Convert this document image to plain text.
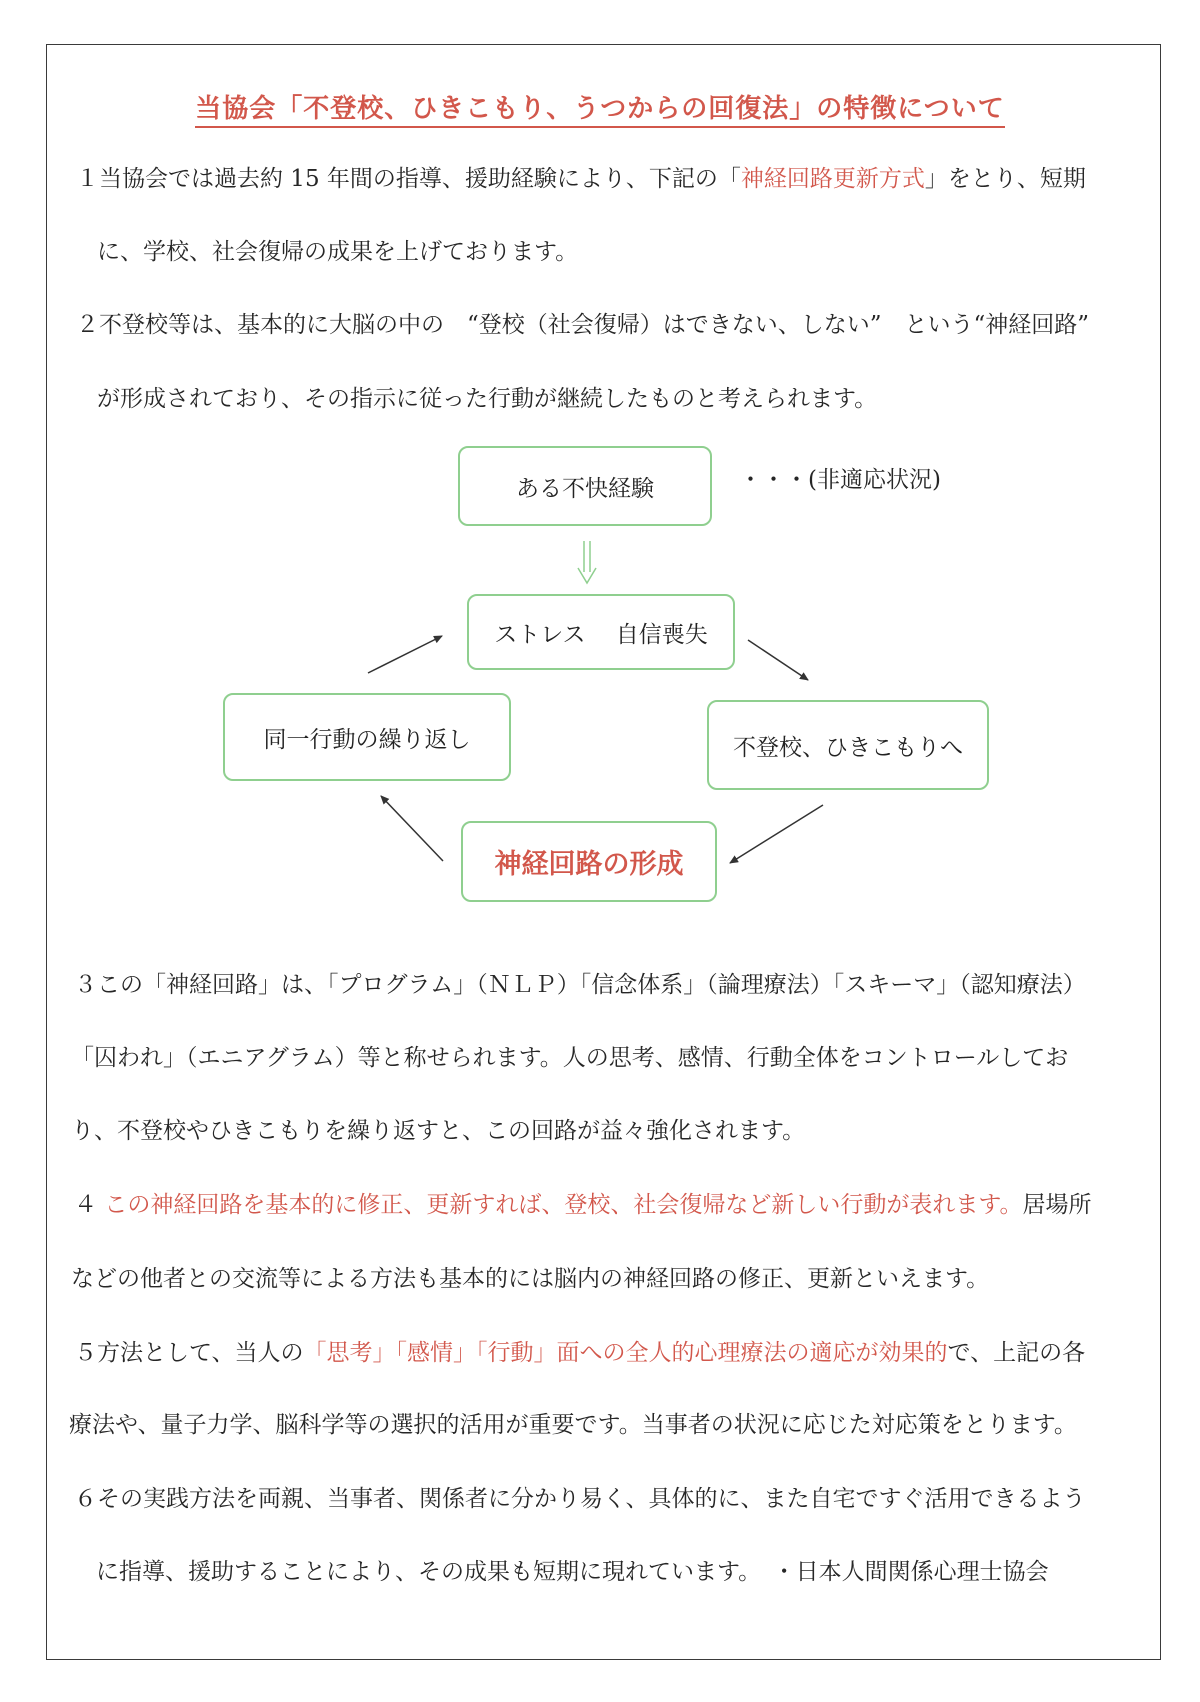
当協会「不登校、ひきこもり、うつからの回復法」の特徴について
１当協会では過去約 15 年間の指導、援助経験により、下記の「神経回路更新方式」をとり、短期
に、学校、社会復帰の成果を上げております。
２不登校等は、基本的に大脳の中の　“登校（社会復帰）はできない、しない”　という“神経回路”
が形成されており、その指示に従った行動が継続したものと考えられます。
ある不快経験	・・・(非適応状況)
ストレス　 自信喪失
同一行動の繰り返し	不登校、ひきこもりへ
神経回路の形成
３この「神経回路」は、「プログラム」（ＮＬＰ）「信念体系」（論理療法）「スキーマ」（認知療法）
「囚われ」（エニアグラム）等と称せられます。人の思考、感情、行動全体をコントロールしてお
り、不登校やひきこもりを繰り返すと、この回路が益々強化されます。
４ この神経回路を基本的に修正、更新すれば、登校、社会復帰など新しい行動が表れます。居場所
などの他者との交流等による方法も基本的には脳内の神経回路の修正、更新といえます。
５方法として、当人の「思考」「感情」「行動」面への全人的心理療法の適応が効果的で、上記の各
療法や、量子力学、脳科学等の選択的活用が重要です。当事者の状況に応じた対応策をとります。
６その実践方法を両親、当事者、関係者に分かり易く、具体的に、また自宅ですぐ活用できるよう
に指導、援助することにより、その成果も短期に現れています。　・日本人間関係心理士協会
